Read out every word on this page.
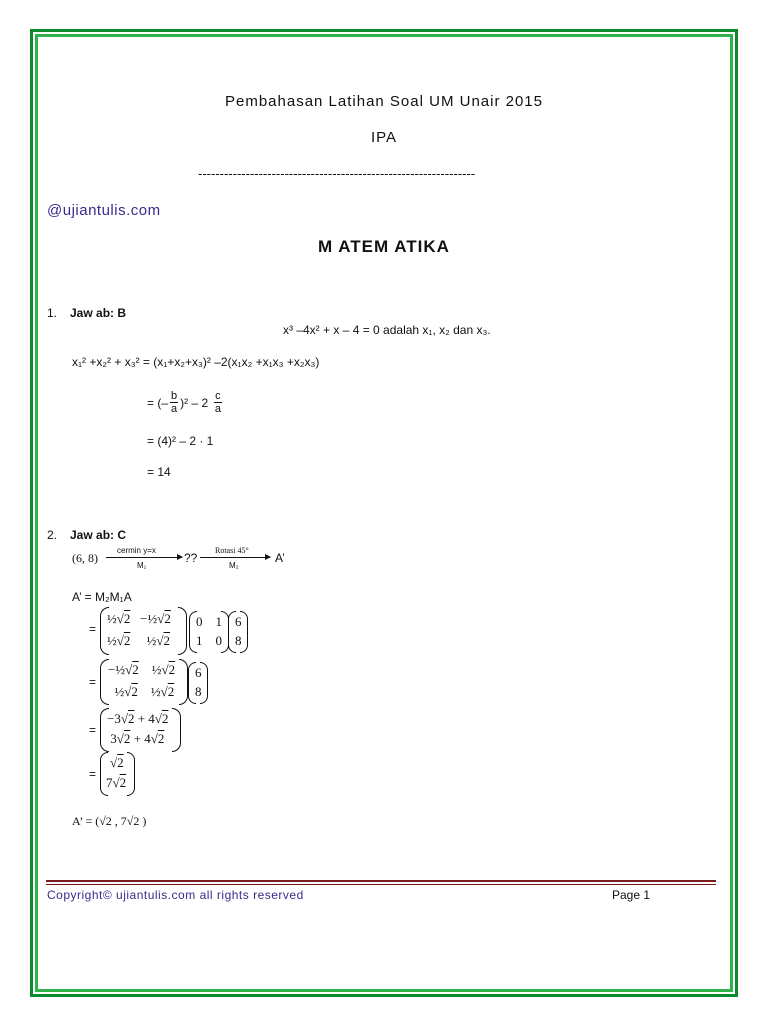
Pembahasan Latihan Soal UM Unair 2015
IPA
----------------------------------------------------------------
@ujiantulis.com
M ATEM ATIKA
1. Jaw ab: B
x³ –4x² + x – 4 = 0 adalah x₁, x₂ dan x₃.
x₁² +x₂² + x₃² = (x₁+x₂+x₃)² –2(x₁x₂ +x₁x₃ +x₂x₃)
= (– $\frac{b}{a} )^2 - 2 \frac{c}{a}$
= (4)² – 2 · 1
= 14
2. Jaw ab: C
(6, 8)
cermin y=x
M₁
??
Rotasi 45°
M₂
A’
A’ = M₂M₁A
=
½√2   −½√2
½√2     ½√2
0    1
1    0
6
8
=
−½√2    ½√2
½√2    ½√2
6
8
=
−3√2 + 4√2
3√2 + 4√2
=
√2
7√2
A’ = (√2 , 7√2 )
Copyright© ujiantulis.com all rights reserved	Page 1
